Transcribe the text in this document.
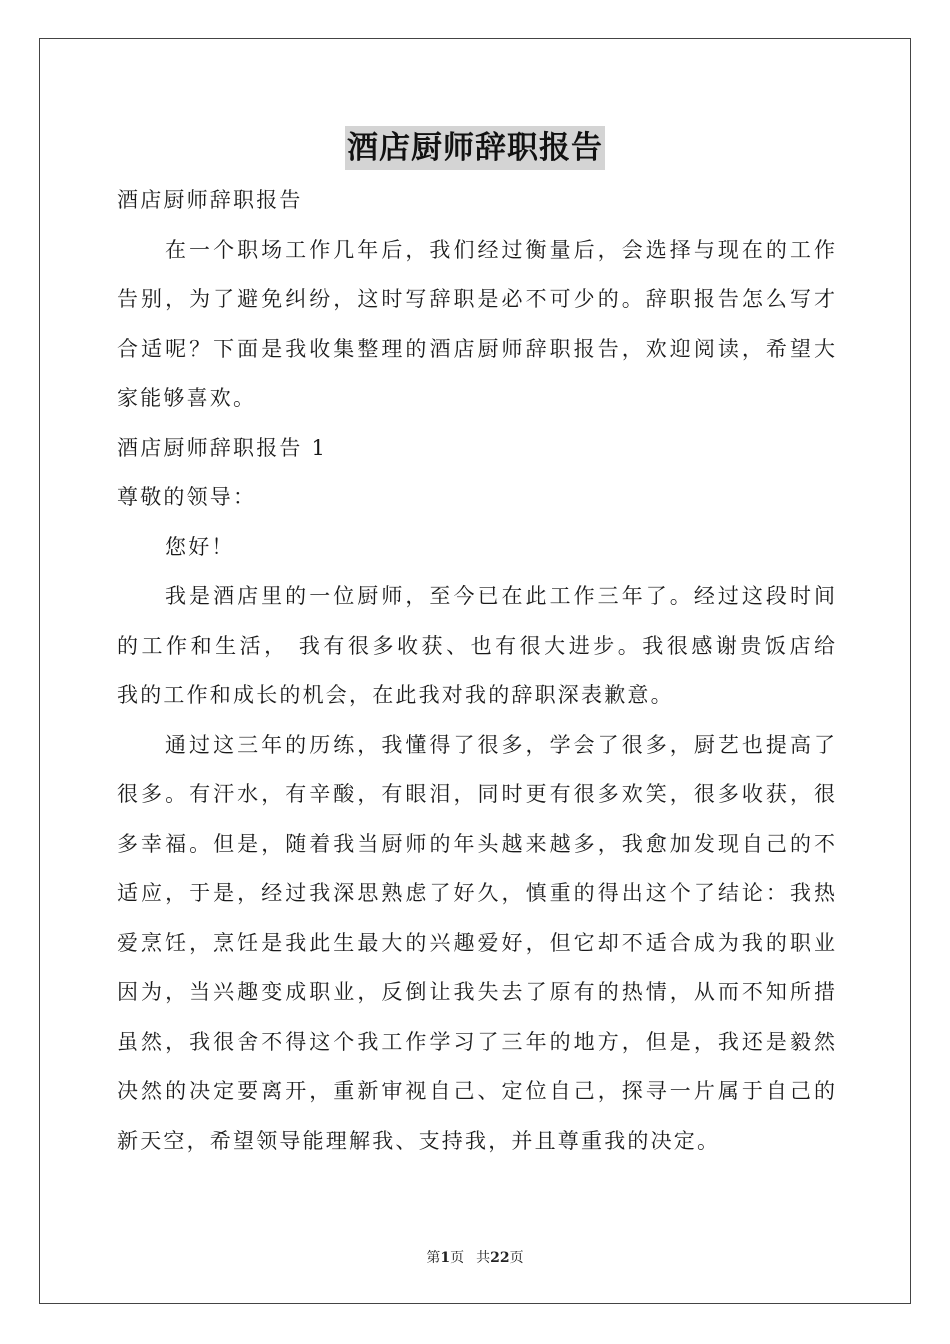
酒店厨师辞职报告

酒店厨师辞职报告

在一个职场工作几年后，我们经过衡量后，会选择与现在的工作

告别，为了避免纠纷，这时写辞职是必不可少的。辞职报告怎么写才

合适呢？下面是我收集整理的酒店厨师辞职报告，欢迎阅读，希望大

家能够喜欢。

酒店厨师辞职报告 1

尊敬的领导：

您好！

我是酒店里的一位厨师，至今已在此工作三年了。经过这段时间

的工作和生活， 我有很多收获、也有很大进步。我很感谢贵饭店给

我的工作和成长的机会，在此我对我的辞职深表歉意。

通过这三年的历练，我懂得了很多，学会了很多，厨艺也提高了

很多。有汗水，有辛酸，有眼泪，同时更有很多欢笑，很多收获，很

多幸福。但是，随着我当厨师的年头越来越多，我愈加发现自己的不

适应，于是，经过我深思熟虑了好久，慎重的得出这个了结论：我热

爱烹饪，烹饪是我此生最大的兴趣爱好，但它却不适合成为我的职业

因为，当兴趣变成职业，反倒让我失去了原有的热情，从而不知所措

虽然，我很舍不得这个我工作学习了三年的地方，但是，我还是毅然

决然的决定要离开，重新审视自己、定位自己，探寻一片属于自己的

新天空，希望领导能理解我、支持我，并且尊重我的决定。

第1页 共22页
